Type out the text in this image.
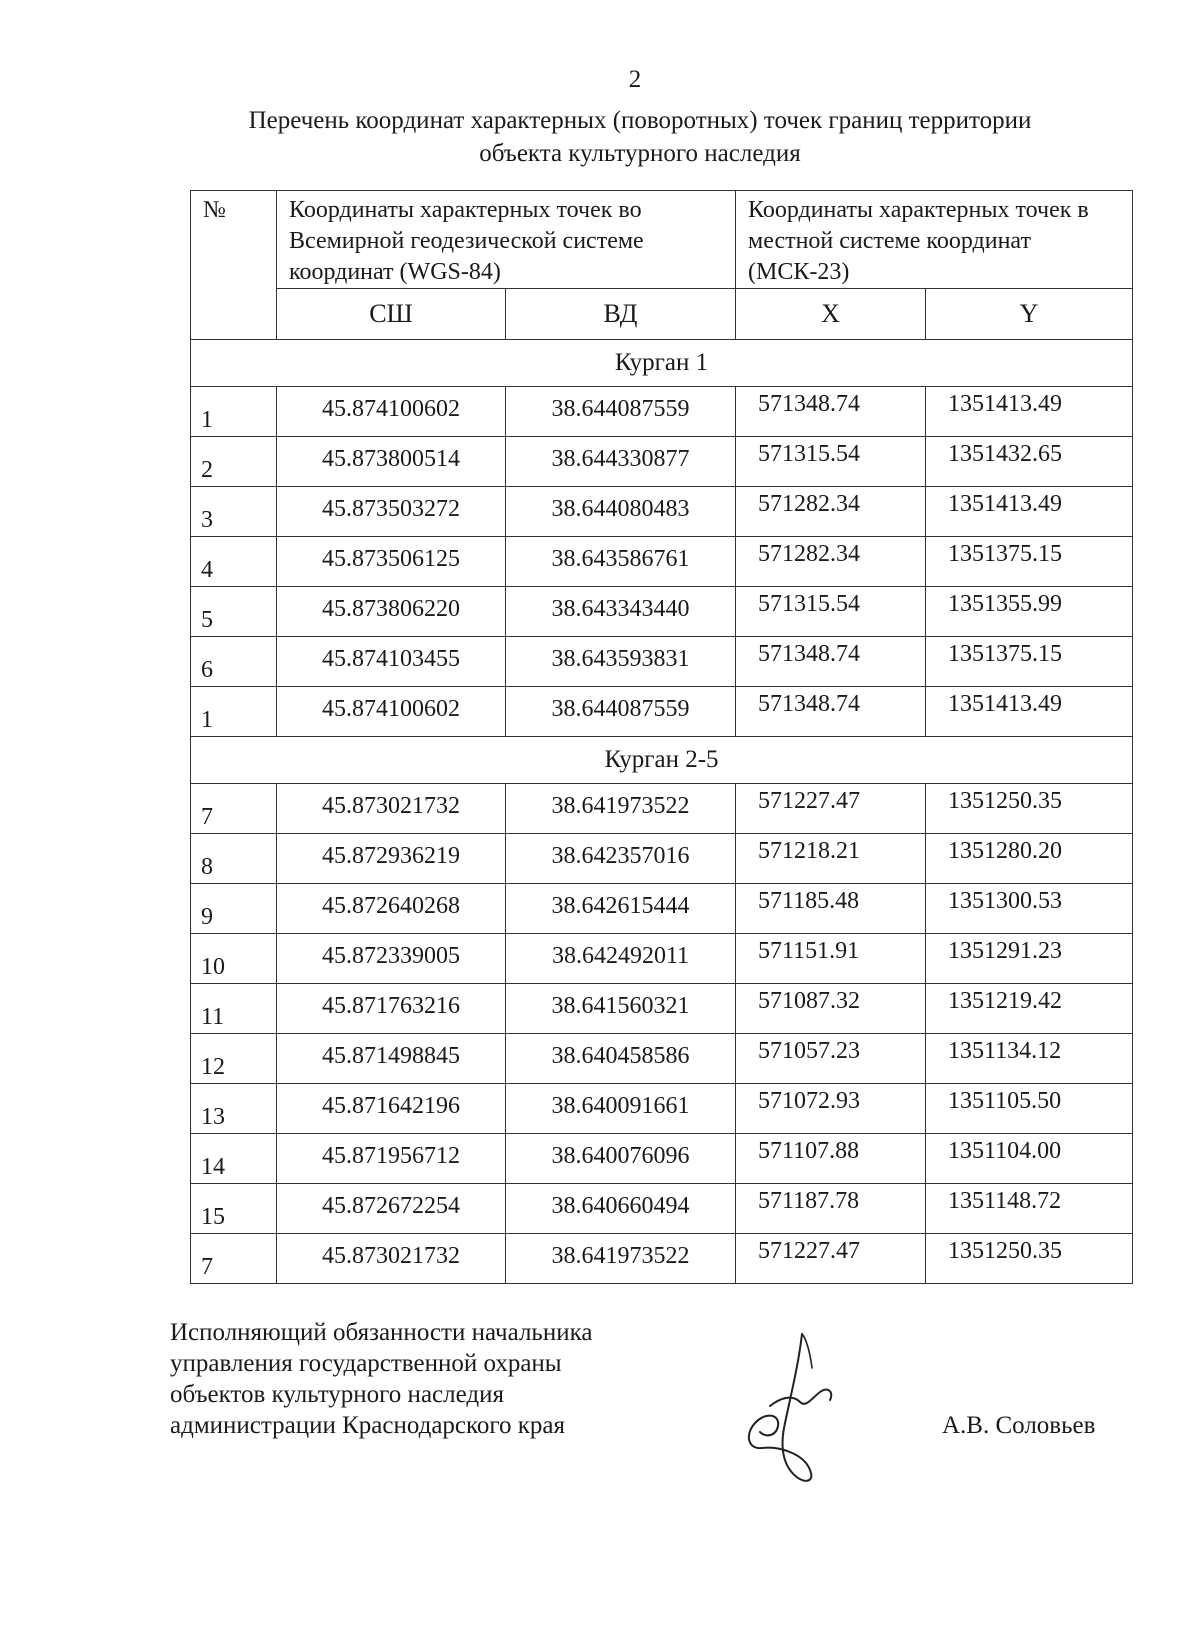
2
Перечень координат характерных (поворотных) точек границ территории
объекта культурного наследия
№	Координаты характерных точек во Всемирной геодезической системе координат (WGS-84)		Координаты характерных точек в местной системе координат (МСК-23)	
	СШ	ВД	X	Y
Курган 1				
1	45.874100602	38.644087559	571348.74	1351413.49
2	45.873800514	38.644330877	571315.54	1351432.65
3	45.873503272	38.644080483	571282.34	1351413.49
4	45.873506125	38.643586761	571282.34	1351375.15
5	45.873806220	38.643343440	571315.54	1351355.99
6	45.874103455	38.643593831	571348.74	1351375.15
1	45.874100602	38.644087559	571348.74	1351413.49
Курган 2-5				
7	45.873021732	38.641973522	571227.47	1351250.35
8	45.872936219	38.642357016	571218.21	1351280.20
9	45.872640268	38.642615444	571185.48	1351300.53
10	45.872339005	38.642492011	571151.91	1351291.23
11	45.871763216	38.641560321	571087.32	1351219.42
12	45.871498845	38.640458586	571057.23	1351134.12
13	45.871642196	38.640091661	571072.93	1351105.50
14	45.871956712	38.640076096	571107.88	1351104.00
15	45.872672254	38.640660494	571187.78	1351148.72
7	45.873021732	38.641973522	571227.47	1351250.35
Исполняющий обязанности начальника
управления государственной охраны
объектов культурного наследия
администрации Краснодарского края	А.В. Соловьев
